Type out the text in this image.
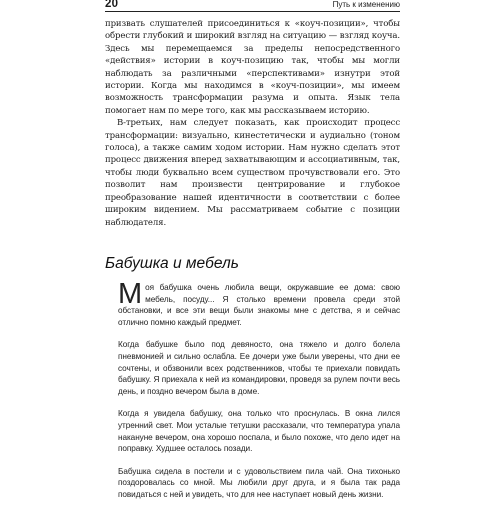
20	Путь к изменению

призвать слушателей присоединиться к «коуч-позиции», чтобы обрести глубокий и широкий взгляд на ситуацию — взгляд коуча. Здесь мы перемещаемся за пределы непосредственного «действия» истории в коуч-позицию так, чтобы мы могли наблюдать за различными «перспективами» изнутри этой истории. Когда мы находимся в «коуч-позиции», мы имеем возможность трансформации разума и опыта. Язык тела помогает нам по мере того, как мы рассказываем историю.

В-третьих, нам следует показать, как происходит процесс трансформации: визуально, кинестетически и аудиально (тоном голоса), а также самим ходом истории. Нам нужно сделать этот процесс движения вперед захватывающим и ассоциативным, так, чтобы люди буквально всем существом прочувствовали его. Это позволит нам произвести центрирование и глубокое преобразование нашей идентичности в соответствии с более широким видением. Мы рассматриваем событие с позиции наблюдателя.

Бабушка и мебель

Моя бабушка очень любила вещи, окружавшие ее дома: свою мебель, посуду... Я столько времени провела среди этой обстановки, и все эти вещи были знакомы мне с детства, я и сейчас отлично помню каждый предмет.

Когда бабушке было под девяносто, она тяжело и долго болела пневмонией и сильно ослабла. Ее дочери уже были уверены, что дни ее сочтены, и обзвонили всех родственников, чтобы те приехали повидать бабушку. Я приехала к ней из командировки, проведя за рулем почти весь день, и поздно вечером была в доме.

Когда я увидела бабушку, она только что проснулась. В окна лился утренний свет. Мои усталые тетушки рассказали, что температура упала накануне вечером, она хорошо поспала, и было похоже, что дело идет на поправку. Худшее осталось позади.

Бабушка сидела в постели и с удовольствием пила чай. Она тихонько поздоровалась со мной. Мы любили друг друга, и я была так рада повидаться с ней и увидеть, что для нее наступает новый день жизни.
